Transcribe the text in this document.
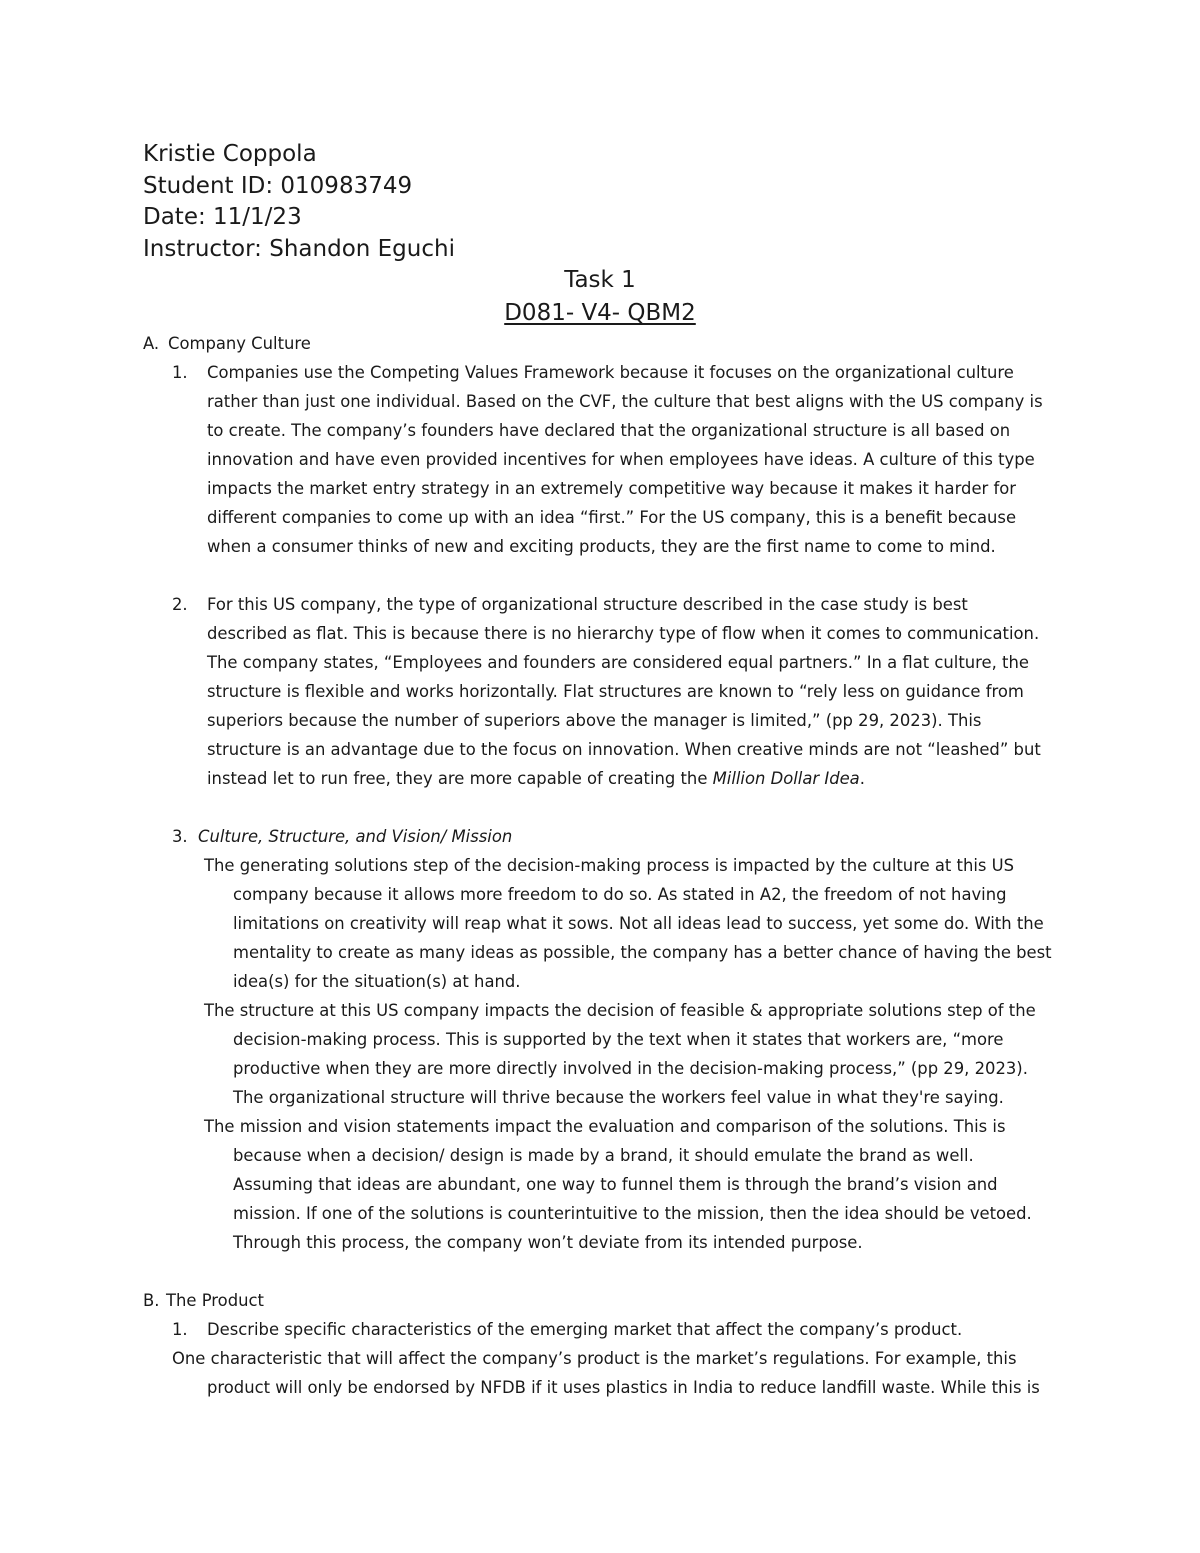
Kristie Coppola
Student ID: 010983749
Date: 11/1/23
Instructor: Shandon Eguchi
Task 1
D081- V4- QBM2
A. Company Culture
1. Companies use the Competing Values Framework because it focuses on the organizational culture
rather than just one individual. Based on the CVF, the culture that best aligns with the US company is
to create. The company’s founders have declared that the organizational structure is all based on
innovation and have even provided incentives for when employees have ideas. A culture of this type
impacts the market entry strategy in an extremely competitive way because it makes it harder for
different companies to come up with an idea “first.” For the US company, this is a benefit because
when a consumer thinks of new and exciting products, they are the first name to come to mind.
2. For this US company, the type of organizational structure described in the case study is best
described as flat. This is because there is no hierarchy type of flow when it comes to communication.
The company states, “Employees and founders are considered equal partners.” In a flat culture, the
structure is flexible and works horizontally. Flat structures are known to “rely less on guidance from
superiors because the number of superiors above the manager is limited,” (pp 29, 2023). This
structure is an advantage due to the focus on innovation. When creative minds are not “leashed” but
instead let to run free, they are more capable of creating the Million Dollar Idea.
3. Culture, Structure, and Vision/ Mission
The generating solutions step of the decision-making process is impacted by the culture at this US
company because it allows more freedom to do so. As stated in A2, the freedom of not having
limitations on creativity will reap what it sows. Not all ideas lead to success, yet some do. With the
mentality to create as many ideas as possible, the company has a better chance of having the best
idea(s) for the situation(s) at hand.
The structure at this US company impacts the decision of feasible & appropriate solutions step of the
decision-making process. This is supported by the text when it states that workers are, “more
productive when they are more directly involved in the decision-making process,” (pp 29, 2023).
The organizational structure will thrive because the workers feel value in what they're saying.
The mission and vision statements impact the evaluation and comparison of the solutions. This is
because when a decision/ design is made by a brand, it should emulate the brand as well.
Assuming that ideas are abundant, one way to funnel them is through the brand’s vision and
mission. If one of the solutions is counterintuitive to the mission, then the idea should be vetoed.
Through this process, the company won’t deviate from its intended purpose.
B. The Product
1. Describe specific characteristics of the emerging market that affect the company’s product.
One characteristic that will affect the company’s product is the market’s regulations. For example, this
product will only be endorsed by NFDB if it uses plastics in India to reduce landfill waste. While this is
